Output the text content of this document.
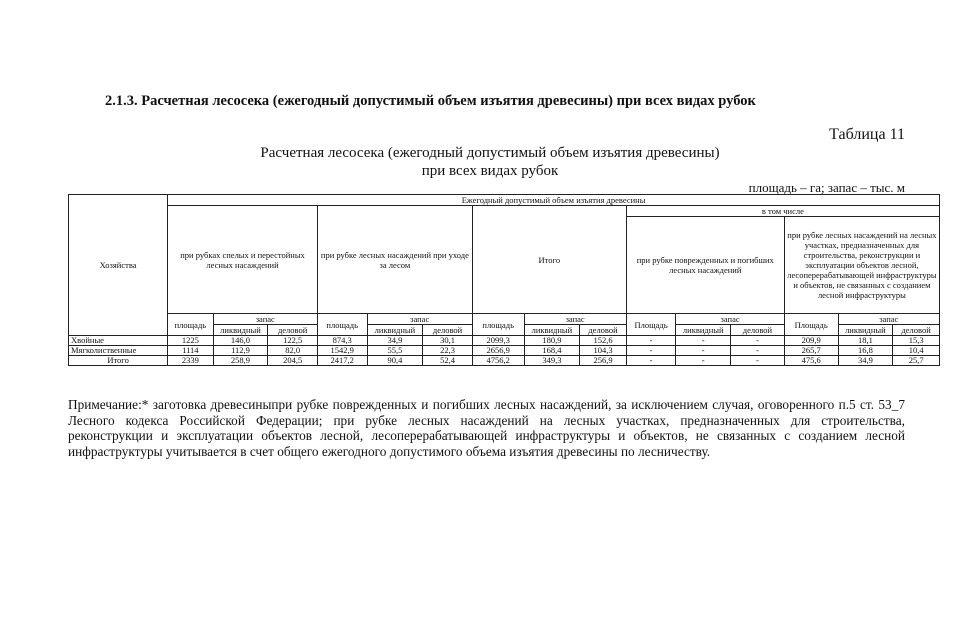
2.1.3. Расчетная лесосека (ежегодный допустимый объем изъятия древесины) при всех видах рубок
Таблица 11
Расчетная лесосека (ежегодный допустимый объем изъятия древесины)
при всех видах рубок
площадь – га; запас – тыс. м
Хозяйства	Ежегодный допустимый объем изъятия древесины														
	при рубках спелых и перестойных лесных насаждений			при рубке лесных насаждений при уходе за лесом			Итого			в том числе					
										при рубке поврежденных и погибших лесных насаждений			при рубке лесных насаждений на лесных участках, предназначенных для строительства, реконструкции и эксплуатации объектов лесной, лесоперерабатывающей инфраструктуры и объектов, не связанных с созданием лесной инфраструктуры		
	площадь	запас		площадь	запас		площадь	запас		Площадь	запас		Площадь	запас	
		ликвидный	деловой		ликвидный	деловой		ликвидный	деловой		ликвидный	деловой		ликвидный	деловой
Хвойные	1225	146,0	122,5	874,3	34,9	30,1	2099,3	180,9	152,6	-	-	-	209,9	18,1	15,3
Мягколиственные	1114	112,9	82,0	1542,9	55,5	22,3	2656,9	168,4	104,3	-	-	-	265,7	16,8	10,4
Итого	2339	258,9	204,5	2417,2	90,4	52,4	4756,2	349,3	256,9	-	-	-	475,6	34,9	25,7
Примечание:* заготовка древесиныпри рубке поврежденных и погибших лесных насаждений, за исключением случая, оговоренного п.5 ст. 53_7
Лесного кодекса Российской Федерации; при рубке лесных насаждений на лесных участках, предназначенных для строительства,
реконструкции и эксплуатации объектов лесной, лесоперерабатывающей инфраструктуры и объектов, не связанных с созданием лесной
инфраструктуры учитывается в счет общего ежегодного допустимого объема изъятия древесины по лесничеству.
